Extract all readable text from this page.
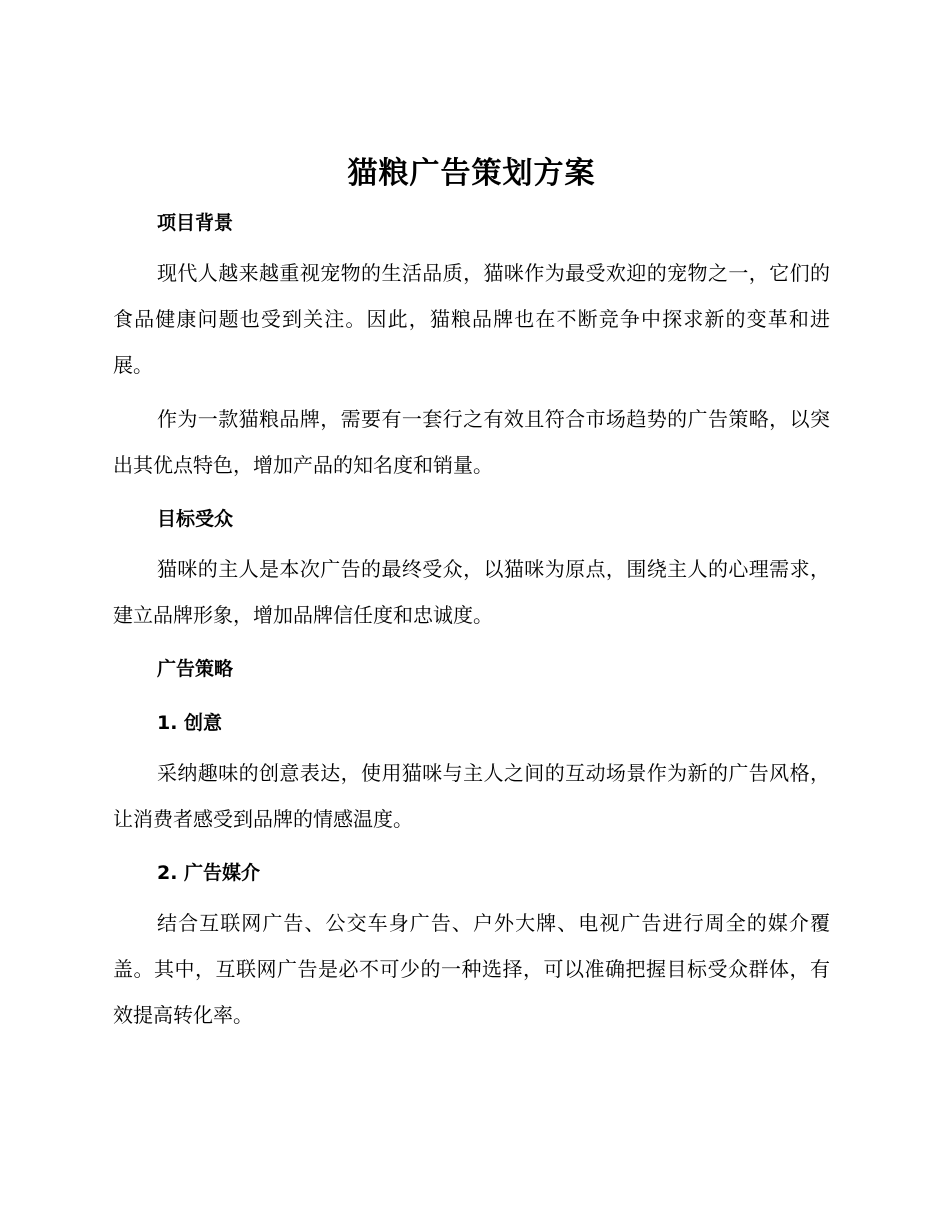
猫粮广告策划方案
项目背景

现代人越来越重视宠物的生活品质，猫咪作为最受欢迎的宠物之一，它们的食品健康问题也受到关注。因此，猫粮品牌也在不断竞争中探求新的变革和进展。

作为一款猫粮品牌，需要有一套行之有效且符合市场趋势的广告策略，以突出其优点特色，增加产品的知名度和销量。

目标受众

猫咪的主人是本次广告的最终受众，以猫咪为原点，围绕主人的心理需求，建立品牌形象，增加品牌信任度和忠诚度。

广告策略
1. 创意

采纳趣味的创意表达，使用猫咪与主人之间的互动场景作为新的广告风格，让消费者感受到品牌的情感温度。

2. 广告媒介

结合互联网广告、公交车身广告、户外大牌、电视广告进行周全的媒介覆盖。其中，互联网广告是必不可少的一种选择，可以准确把握目标受众群体，有效提高转化率。
